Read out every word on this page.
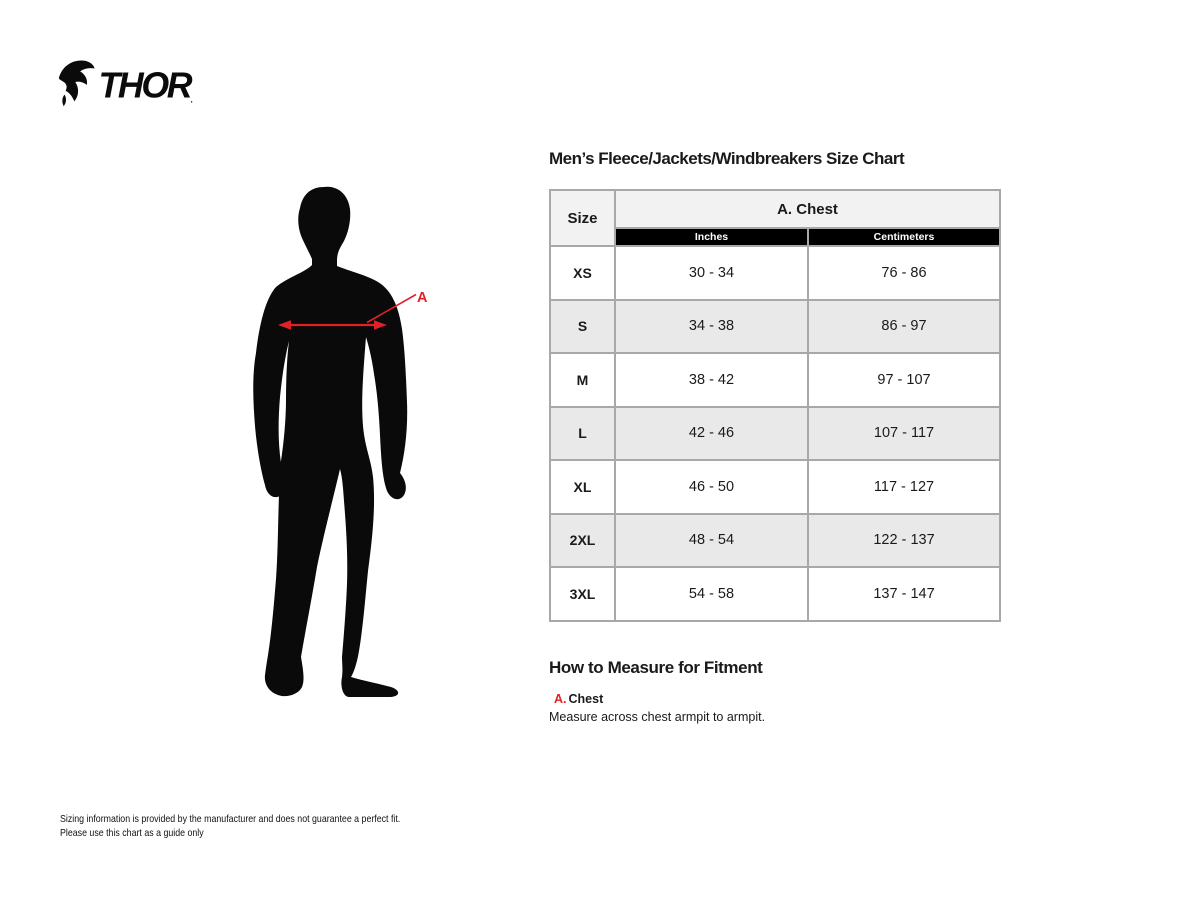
THOR .
A
Men’s Fleece/Jackets/Windbreakers Size Chart
Size	A. Chest	
	Inches	Centimeters
XS	30 - 34	76 - 86
S	34 - 38	86 - 97
M	38 - 42	97 - 107
L	42 - 46	107 - 117
XL	46 - 50	117 - 127
2XL	48 - 54	122 - 137
3XL	54 - 58	137 - 147
How to Measure for Fitment
A. Chest
Measure across chest armpit to armpit.
Sizing information is provided by the manufacturer and does not guarantee a perfect fit.
Please use this chart as a guide only
